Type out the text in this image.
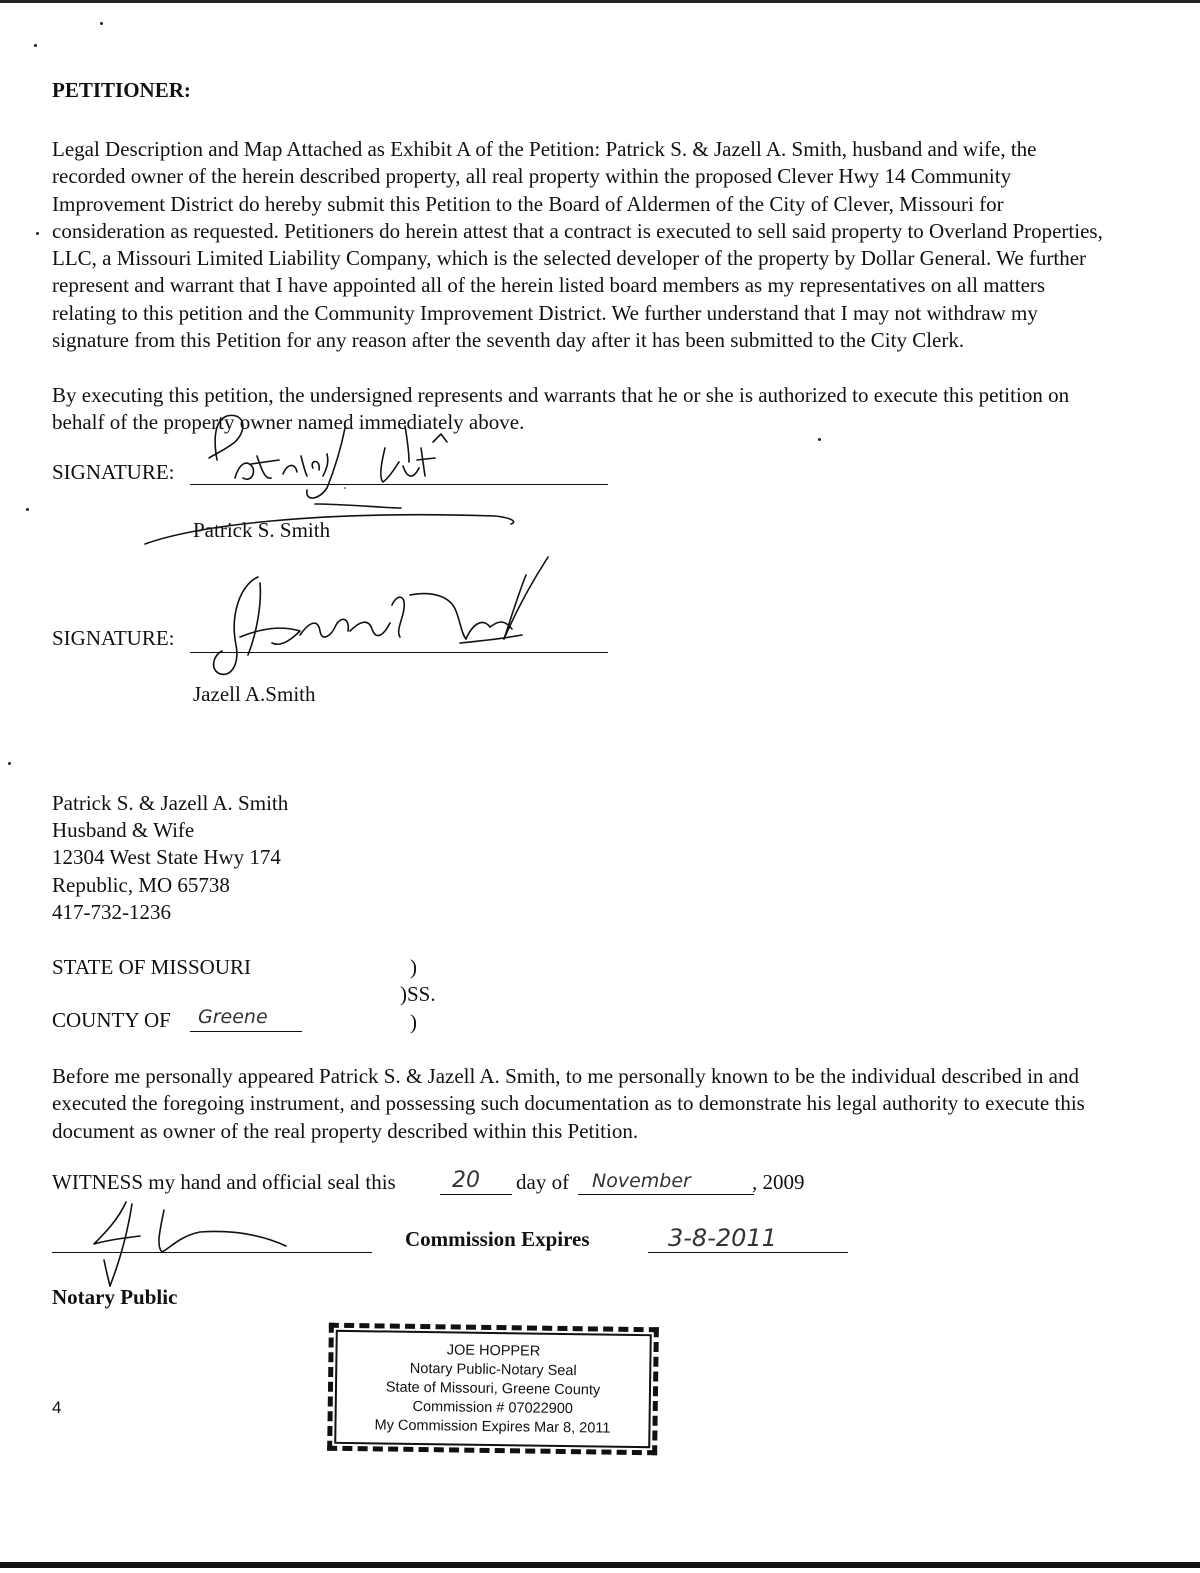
PETITIONER:

Legal Description and Map Attached as Exhibit A of the Petition: Patrick S. & Jazell A. Smith, husband and wife, the recorded owner of the herein described property, all real property within the proposed Clever Hwy 14 Community Improvement District do hereby submit this Petition to the Board of Aldermen of the City of Clever, Missouri for consideration as requested. Petitioners do herein attest that a contract is executed to sell said property to Overland Properties, LLC, a Missouri Limited Liability Company, which is the selected developer of the property by Dollar General. We further represent and warrant that I have appointed all of the herein listed board members as my representatives on all matters relating to this petition and the Community Improvement District. We further understand that I may not withdraw my signature from this Petition for any reason after the seventh day after it has been submitted to the City Clerk.

By executing this petition, the undersigned represents and warrants that he or she is authorized to execute this petition on behalf of the property owner named immediately above.

SIGNATURE:

Patrick S. Smith

SIGNATURE:

Jazell A.Smith

Patrick S. & Jazell A. Smith
Husband & Wife
12304 West State Hwy 174
Republic, MO 65738
417-732-1236

STATE OF MISSOURI	)

)SS.

COUNTY OF Greene	)

Before me personally appeared Patrick S. & Jazell A. Smith, to me personally known to be the individual described in and executed the foregoing instrument, and possessing such documentation as to demonstrate his legal authority to execute this document as owner of the real property described within this Petition.

WITNESS my hand and official seal this	20 day of November	, 2009

Commission Expires	3-8-2011

Notary Public

4

JOE HOPPER
Notary Public-Notary Seal
State of Missouri, Greene County
Commission # 07022900
My Commission Expires Mar 8, 2011
